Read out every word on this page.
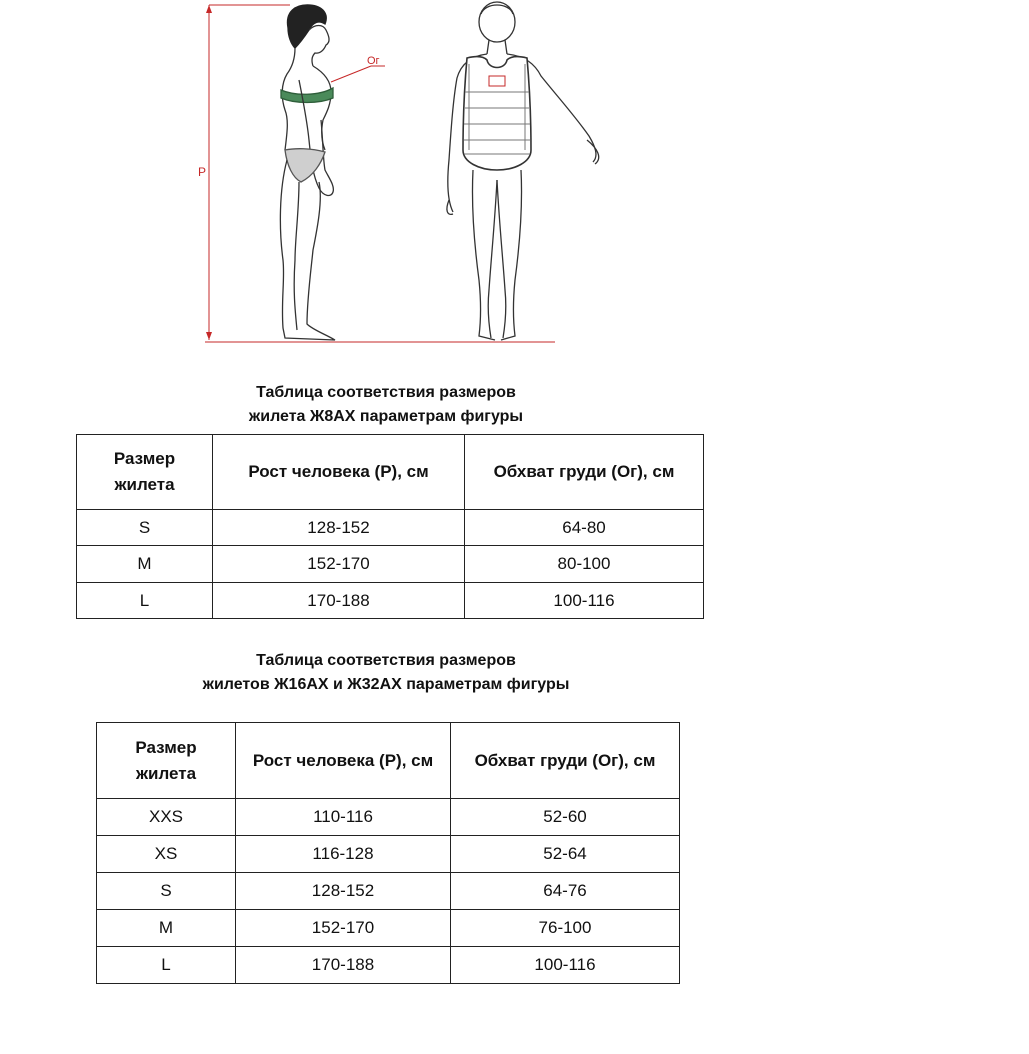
P
Ог
Таблица соответствия размеров
жилета Ж8АХ параметрам фигуры
Размер
жилета	Рост человека (Р), см	Обхват груди (Ог), см
S	128-152	64-80
M	152-170	80-100
L	170-188	100-116
Таблица соответствия размеров
жилетов Ж16АХ и Ж32АХ параметрам фигуры
Размер
жилета	Рост человека (Р), см	Обхват груди (Ог), см
XXS	110-116	52-60
XS	116-128	52-64
S	128-152	64-76
M	152-170	76-100
L	170-188	100-116
